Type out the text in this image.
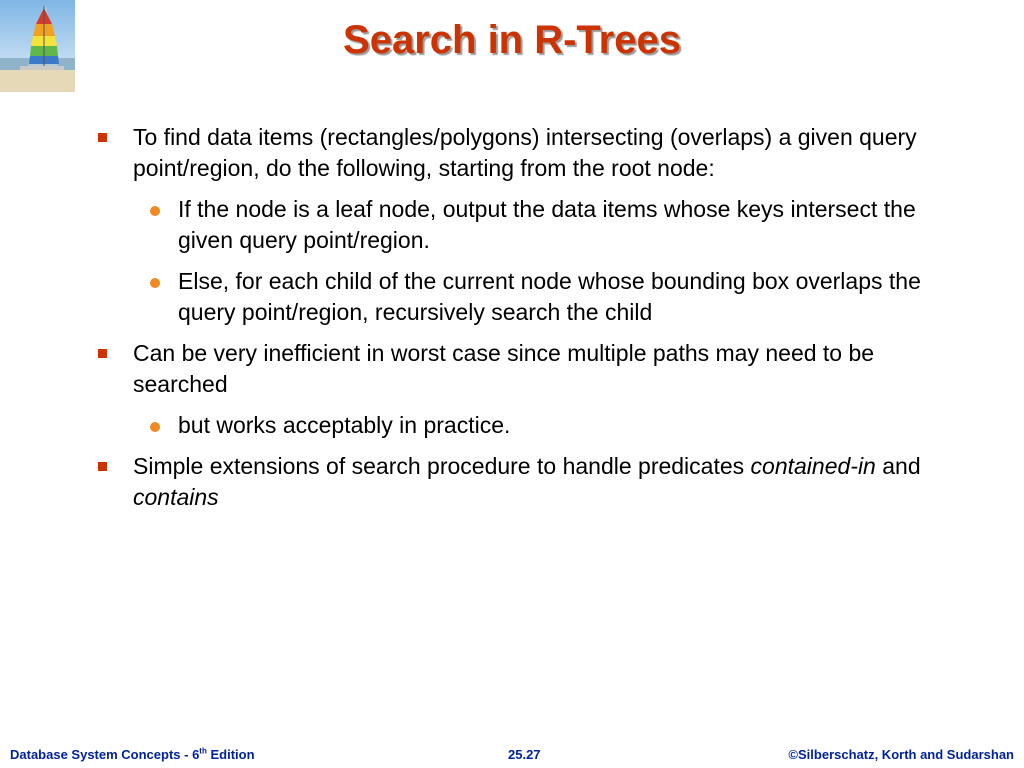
Search in R-Trees
To find data items (rectangles/polygons) intersecting (overlaps) a given query point/region, do the following, starting from the root node:
If the node is a leaf node, output the data items whose keys intersect the given query point/region.
Else, for each child of the current node whose bounding box overlaps the query point/region, recursively search the child
Can be very inefficient in worst case since multiple paths may need to be searched
but works acceptably in practice.
Simple extensions of search procedure to handle predicates contained-in and contains
Database System Concepts - 6th Edition	25.27	©Silberschatz, Korth and Sudarshan
